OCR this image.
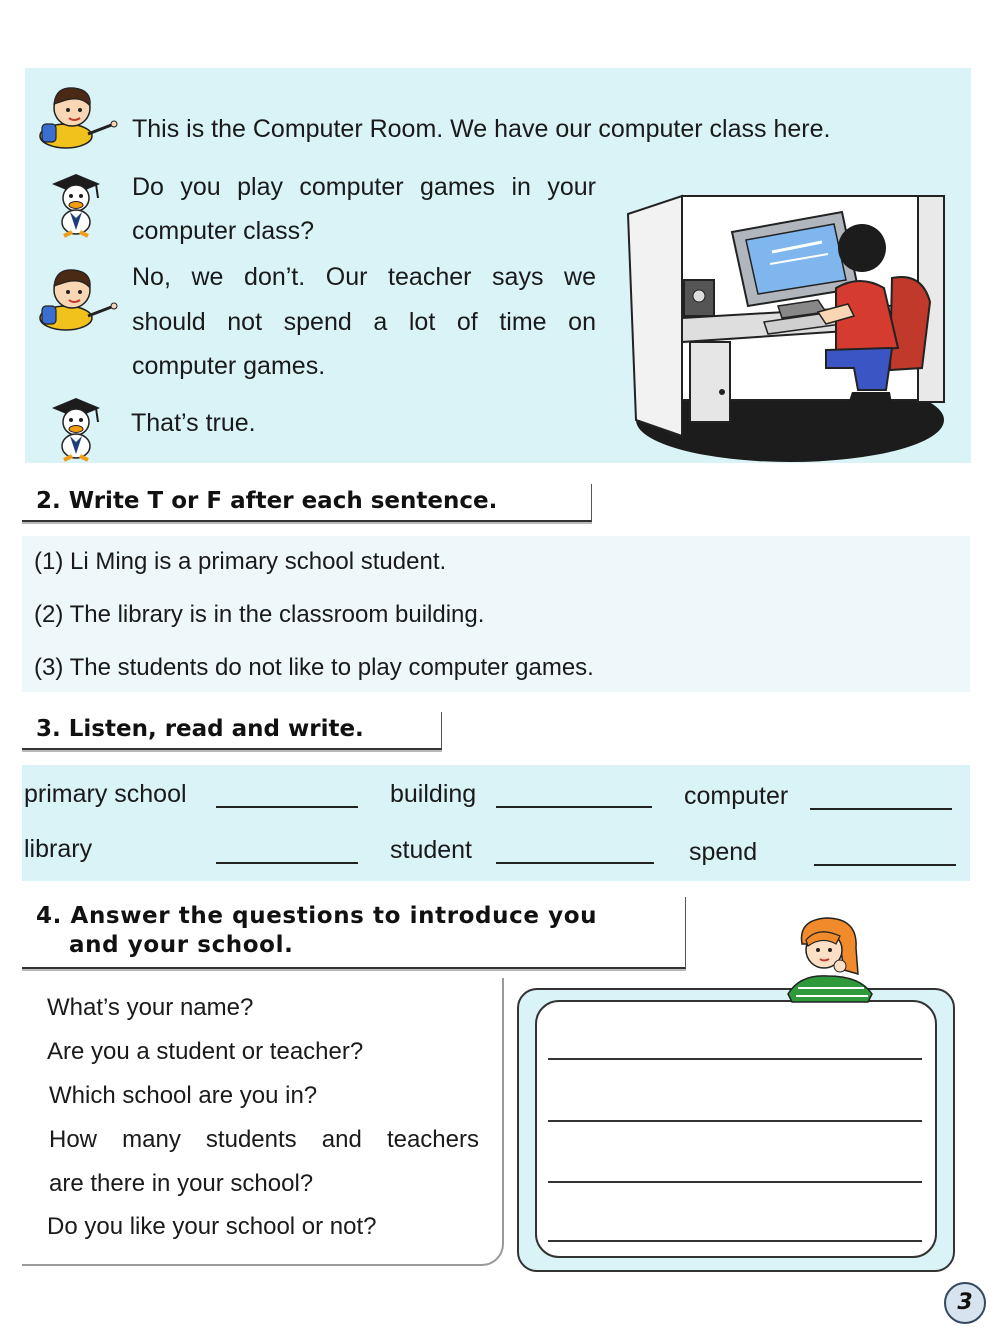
This is the Computer Room. We have our computer class here.
Do you play computer games in your
computer class?
No, we don’t. Our teacher says we
should not spend a lot of time on
computer games.
That’s true.
2. Write T or F after each sentence.
(1) Li Ming is a primary school student.
(2) The library is in the classroom building.
(3) The students do not like to play computer games.
3. Listen, read and write.
primary school	building	computer
library	student	spend
4. Answer the questions to introduce you
and your school.
What’s your name?
Are you a student or teacher?
Which school are you in?
How many students and teachers
are there in your school?
Do you like your school or not?
3
